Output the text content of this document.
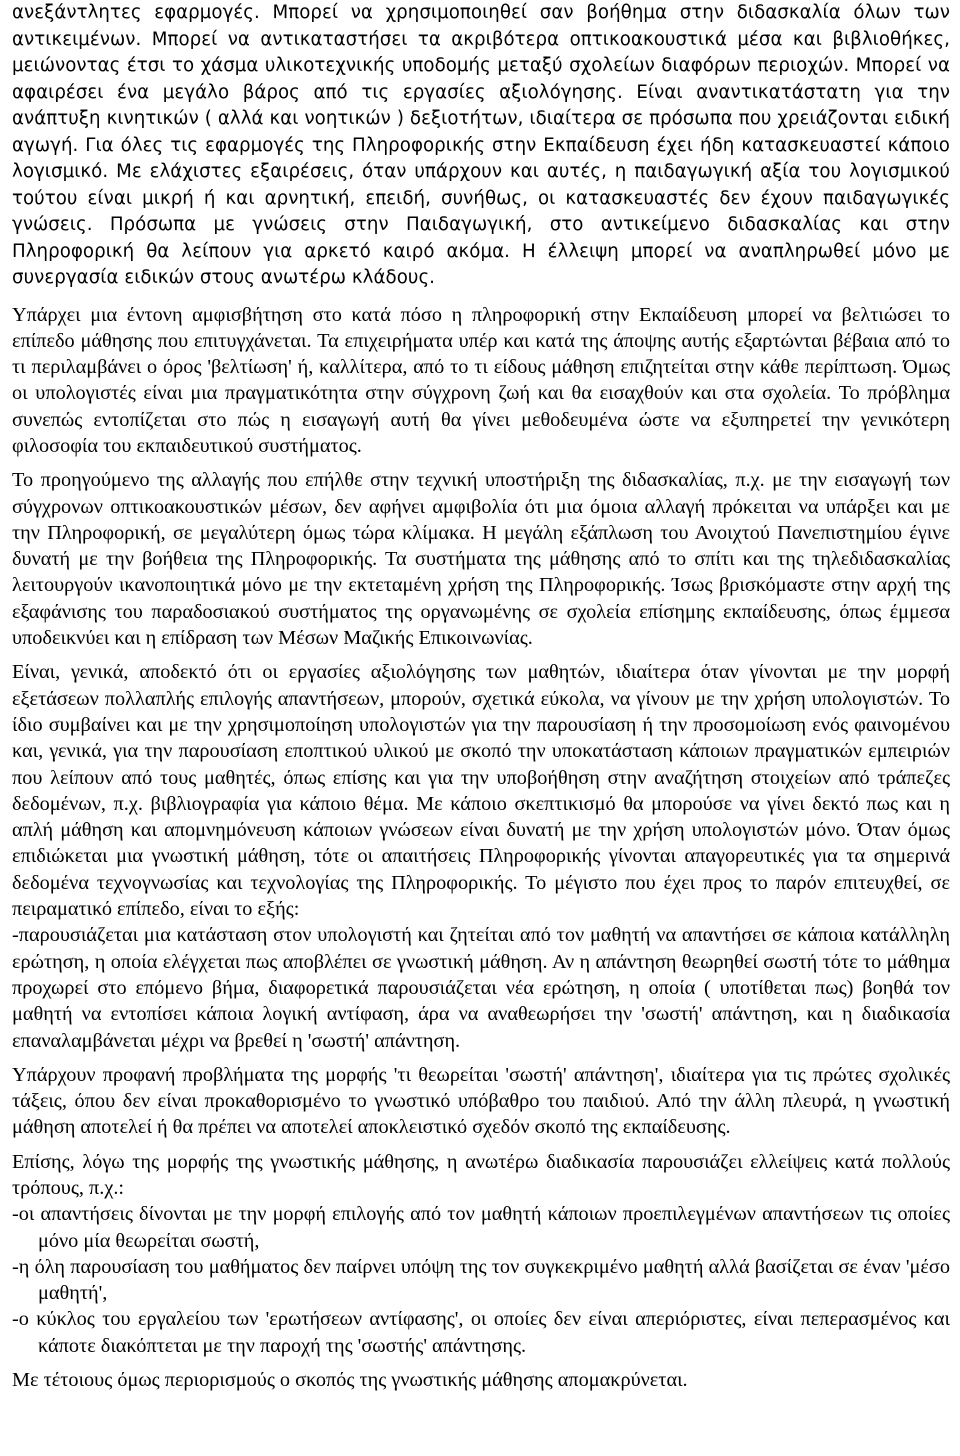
ανεξάντλητες εφαρμογές. Μπορεί να χρησιμοποιηθεί σαν βοήθημα στην διδασκαλία όλων των αντικειμένων. Μπορεί να αντικαταστήσει τα ακριβότερα οπτικοακουστικά μέσα και βιβλιοθήκες, μειώνοντας έτσι το χάσμα υλικοτεχνικής υποδομής μεταξύ σχολείων διαφόρων περιοχών. Μπορεί να αφαιρέσει ένα μεγάλο βάρος από τις εργασίες αξιολόγησης. Είναι αναντικατάστατη για την ανάπτυξη κινητικών ( αλλά και νοητικών ) δεξιοτήτων, ιδιαίτερα σε πρόσωπα που χρειάζονται ειδική αγωγή. Για όλες τις εφαρμογές της Πληροφορικής στην Εκπαίδευση έχει ήδη κατασκευαστεί κάποιο λογισμικό. Με ελάχιστες εξαιρέσεις, όταν υπάρχουν και αυτές, η παιδαγωγική αξία του λογισμικού τούτου είναι μικρή ή και αρνητική, επειδή, συνήθως, οι κατασκευαστές δεν έχουν παιδαγωγικές γνώσεις. Πρόσωπα με γνώσεις στην Παιδαγωγική, στο αντικείμενο διδασκαλίας και στην Πληροφορική θα λείπουν για αρκετό καιρό ακόμα. Η έλλειψη μπορεί να αναπληρωθεί μόνο με συνεργασία ειδικών στους ανωτέρω κλάδους.

Υπάρχει μια έντονη αμφισβήτηση στο κατά πόσο η πληροφορική στην Εκπαίδευση μπορεί να βελτιώσει το επίπεδο μάθησης που επιτυγχάνεται. Τα επιχειρήματα υπέρ και κατά της άποψης αυτής εξαρτώνται βέβαια από το τι περιλαμβάνει ο όρος 'βελτίωση' ή, καλλίτερα, από το τι είδους μάθηση επιζητείται στην κάθε περίπτωση. Όμως οι υπολογιστές είναι μια πραγματικότητα στην σύγχρονη ζωή και θα εισαχθούν και στα σχολεία. Το πρόβλημα συνεπώς εντοπίζεται στο πώς η εισαγωγή αυτή θα γίνει μεθοδευμένα ώστε να εξυπηρετεί την γενικότερη φιλοσοφία του εκπαιδευτικού συστήματος.

Το προηγούμενο της αλλαγής που επήλθε στην τεχνική υποστήριξη της διδασκαλίας, π.χ. με την εισαγωγή των σύγχρονων οπτικοακουστικών μέσων, δεν αφήνει αμφιβολία ότι μια όμοια αλλαγή πρόκειται να υπάρξει και με την Πληροφορική, σε μεγαλύτερη όμως τώρα κλίμακα. Η μεγάλη εξάπλωση του Ανοιχτού Πανεπιστημίου έγινε δυνατή με την βοήθεια της Πληροφορικής. Τα συστήματα της μάθησης από το σπίτι και της τηλεδιδασκαλίας λειτουργούν ικανοποιητικά μόνο με την εκτεταμένη χρήση της Πληροφορικής. Ίσως βρισκόμαστε στην αρχή της εξαφάνισης του παραδοσιακού συστήματος της οργανωμένης σε σχολεία επίσημης εκπαίδευσης, όπως έμμεσα υποδεικνύει και η επίδραση των Μέσων Μαζικής Επικοινωνίας.

Είναι, γενικά, αποδεκτό ότι οι εργασίες αξιολόγησης των μαθητών, ιδιαίτερα όταν γίνονται με την μορφή εξετάσεων πολλαπλής επιλογής απαντήσεων, μπορούν, σχετικά εύκολα, να γίνουν με την χρήση υπολογιστών. Το ίδιο συμβαίνει και με την χρησιμοποίηση υπολογιστών για την παρουσίαση ή την προσομοίωση ενός φαινομένου και, γενικά, για την παρουσίαση εποπτικού υλικού με σκοπό την υποκατάσταση κάποιων πραγματικών εμπειριών που λείπουν από τους μαθητές, όπως επίσης και για την υποβοήθηση στην αναζήτηση στοιχείων από τράπεζες δεδομένων, π.χ. βιβλιογραφία για κάποιο θέμα. Με κάποιο σκεπτικισμό θα μπορούσε να γίνει δεκτό πως και η απλή μάθηση και απομνημόνευση κάποιων γνώσεων είναι δυνατή με την χρήση υπολογιστών μόνο. Όταν όμως επιδιώκεται μια γνωστική μάθηση, τότε οι απαιτήσεις Πληροφορικής γίνονται απαγορευτικές για τα σημερινά δεδομένα τεχνογνωσίας και τεχνολογίας της Πληροφορικής. Το μέγιστο που έχει προς το παρόν επιτευχθεί, σε πειραματικό επίπεδο, είναι το εξής:

-παρουσιάζεται μια κατάσταση στον υπολογιστή και ζητείται από τον μαθητή να απαντήσει σε κάποια κατάλληλη ερώτηση, η οποία ελέγχεται πως αποβλέπει σε γνωστική μάθηση. Αν η απάντηση θεωρηθεί σωστή τότε το μάθημα προχωρεί στο επόμενο βήμα, διαφορετικά παρουσιάζεται νέα ερώτηση, η οποία ( υποτίθεται πως) βοηθά τον μαθητή να εντοπίσει κάποια λογική αντίφαση, άρα να αναθεωρήσει την 'σωστή' απάντηση, και η διαδικασία επαναλαμβάνεται μέχρι να βρεθεί η 'σωστή' απάντηση.

Υπάρχουν προφανή προβλήματα της μορφής 'τι θεωρείται 'σωστή' απάντηση', ιδιαίτερα για τις πρώτες σχολικές τάξεις, όπου δεν είναι προκαθορισμένο το γνωστικό υπόβαθρο του παιδιού. Από την άλλη πλευρά, η γνωστική μάθηση αποτελεί ή θα πρέπει να αποτελεί αποκλειστικό σχεδόν σκοπό της εκπαίδευσης.

Επίσης, λόγω της μορφής της γνωστικής μάθησης, η ανωτέρω διαδικασία παρουσιάζει ελλείψεις κατά πολλούς τρόπους, π.χ.:

-οι απαντήσεις δίνονται με την μορφή επιλογής από τον μαθητή κάποιων προεπιλεγμένων απαντήσεων τις οποίες μόνο μία θεωρείται σωστή,
-η όλη παρουσίαση του μαθήματος δεν παίρνει υπόψη της τον συγκεκριμένο μαθητή αλλά βασίζεται σε έναν 'μέσο μαθητή',
-ο κύκλος του εργαλείου των 'ερωτήσεων αντίφασης', οι οποίες δεν είναι απεριόριστες, είναι πεπερασμένος και κάποτε διακόπτεται με την παροχή της 'σωστής' απάντησης.

Με τέτοιους όμως περιορισμούς ο σκοπός της γνωστικής μάθησης απομακρύνεται.
